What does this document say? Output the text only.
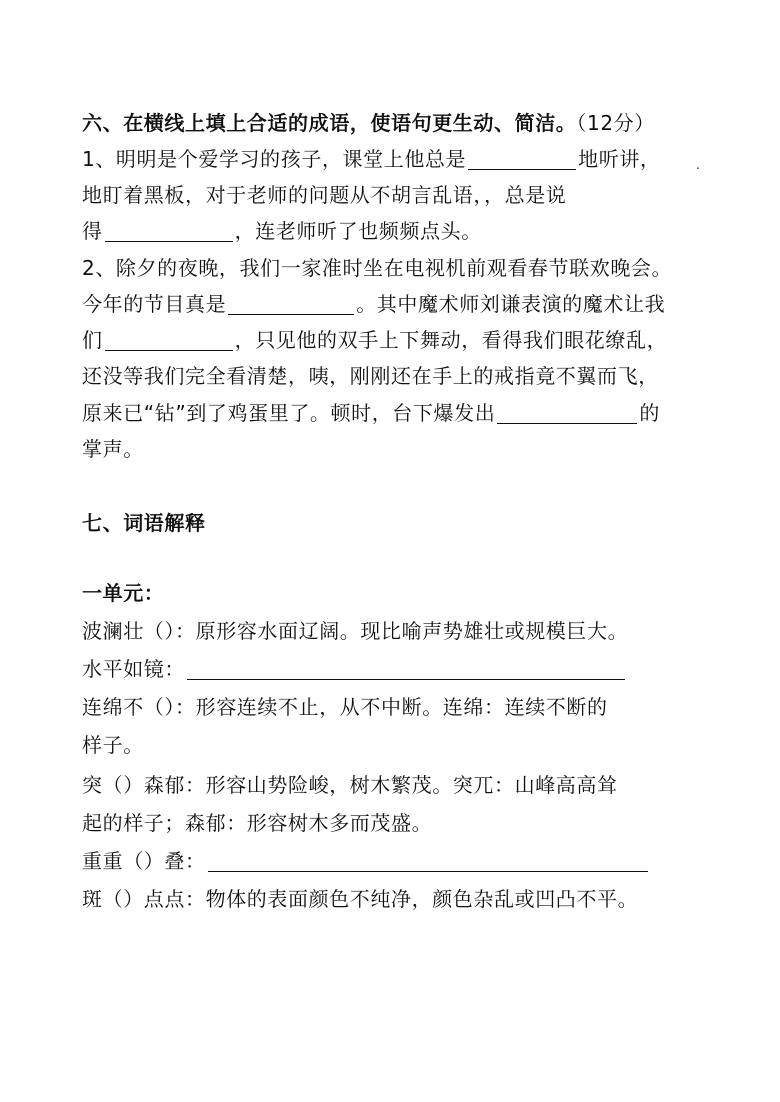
六、在横线上填上合适的成语，使语句更生动、简洁。（12分）
1、明明是个爱学习的孩子，课堂上他总是	地听讲，	.
地盯着黑板，对于老师的问题从不胡言乱语，，总是说
得	，连老师听了也频频点头。
2、除夕的夜晚，我们一家准时坐在电视机前观看春节联欢晚会。
今年的节目真是	。其中魔术师刘谦表演的魔术让我
们	，只见他的双手上下舞动，看得我们眼花缭乱，
还没等我们完全看清楚，咦，刚刚还在手上的戒指竟不翼而飞，
原来已“钻”到了鸡蛋里了。顿时，台下爆发出	的
掌声。
七、词语解释
一单元：
波澜壮（）：原形容水面辽阔。现比喻声势雄壮或规模巨大。
水平如镜：
连绵不（）：形容连续不止，从不中断。连绵：连续不断的
样子。
突（）森郁：形容山势险峻，树木繁茂。突兀：山峰高高耸
起的样子；森郁：形容树木多而茂盛。
重重（）叠：
斑（）点点：物体的表面颜色不纯净，颜色杂乱或凹凸不平。
